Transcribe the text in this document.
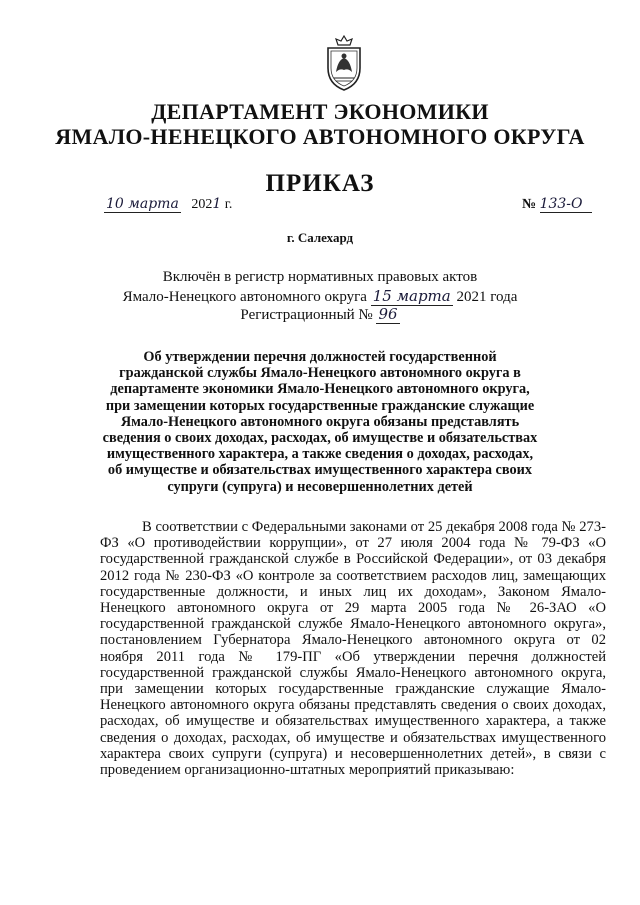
ДЕПАРТАМЕНТ ЭКОНОМИКИ
ЯМАЛО-НЕНЕЦКОГО АВТОНОМНОГО ОКРУГА
ПРИКАЗ
10 марта 2021 г.	№ 133-О
г. Салехард
Включён в регистр нормативных правовых актов
Ямало-Ненецкого автономного округа 15 марта 2021 года
Регистрационный № 96
Об утверждении перечня должностей государственной гражданской службы Ямало-Ненецкого автономного округа в департаменте экономики Ямало-Ненецкого автономного округа, при замещении которых государственные гражданские служащие Ямало-Ненецкого автономного округа обязаны представлять сведения о своих доходах, расходах, об имуществе и обязательствах имущественного характера, а также сведения о доходах, расходах, об имуществе и обязательствах имущественного характера своих супруги (супруга) и несовершеннолетних детей

В соответствии с Федеральными законами от 25 декабря 2008 года № 273-ФЗ «О противодействии коррупции», от 27 июля 2004 года № 79-ФЗ «О государственной гражданской службе в Российской Федерации», от 03 декабря 2012 года № 230-ФЗ «О контроле за соответствием расходов лиц, замещающих государственные должности, и иных лиц их доходам», Законом Ямало-Ненецкого автономного округа от 29 марта 2005 года № 26-ЗАО «О государственной гражданской службе Ямало-Ненецкого автономного округа», постановлением Губернатора Ямало-Ненецкого автономного округа от 02 ноября 2011 года № 179-ПГ «Об утверждении перечня должностей государственной гражданской службы Ямало-Ненецкого автономного округа, при замещении которых государственные гражданские служащие Ямало-Ненецкого автономного округа обязаны представлять сведения о своих доходах, расходах, об имуществе и обязательствах имущественного характера, а также сведения о доходах, расходах, об имуществе и обязательствах имущественного характера своих супруги (супруга) и несовершеннолетних детей», в связи с проведением организационно-штатных мероприятий приказываю:
